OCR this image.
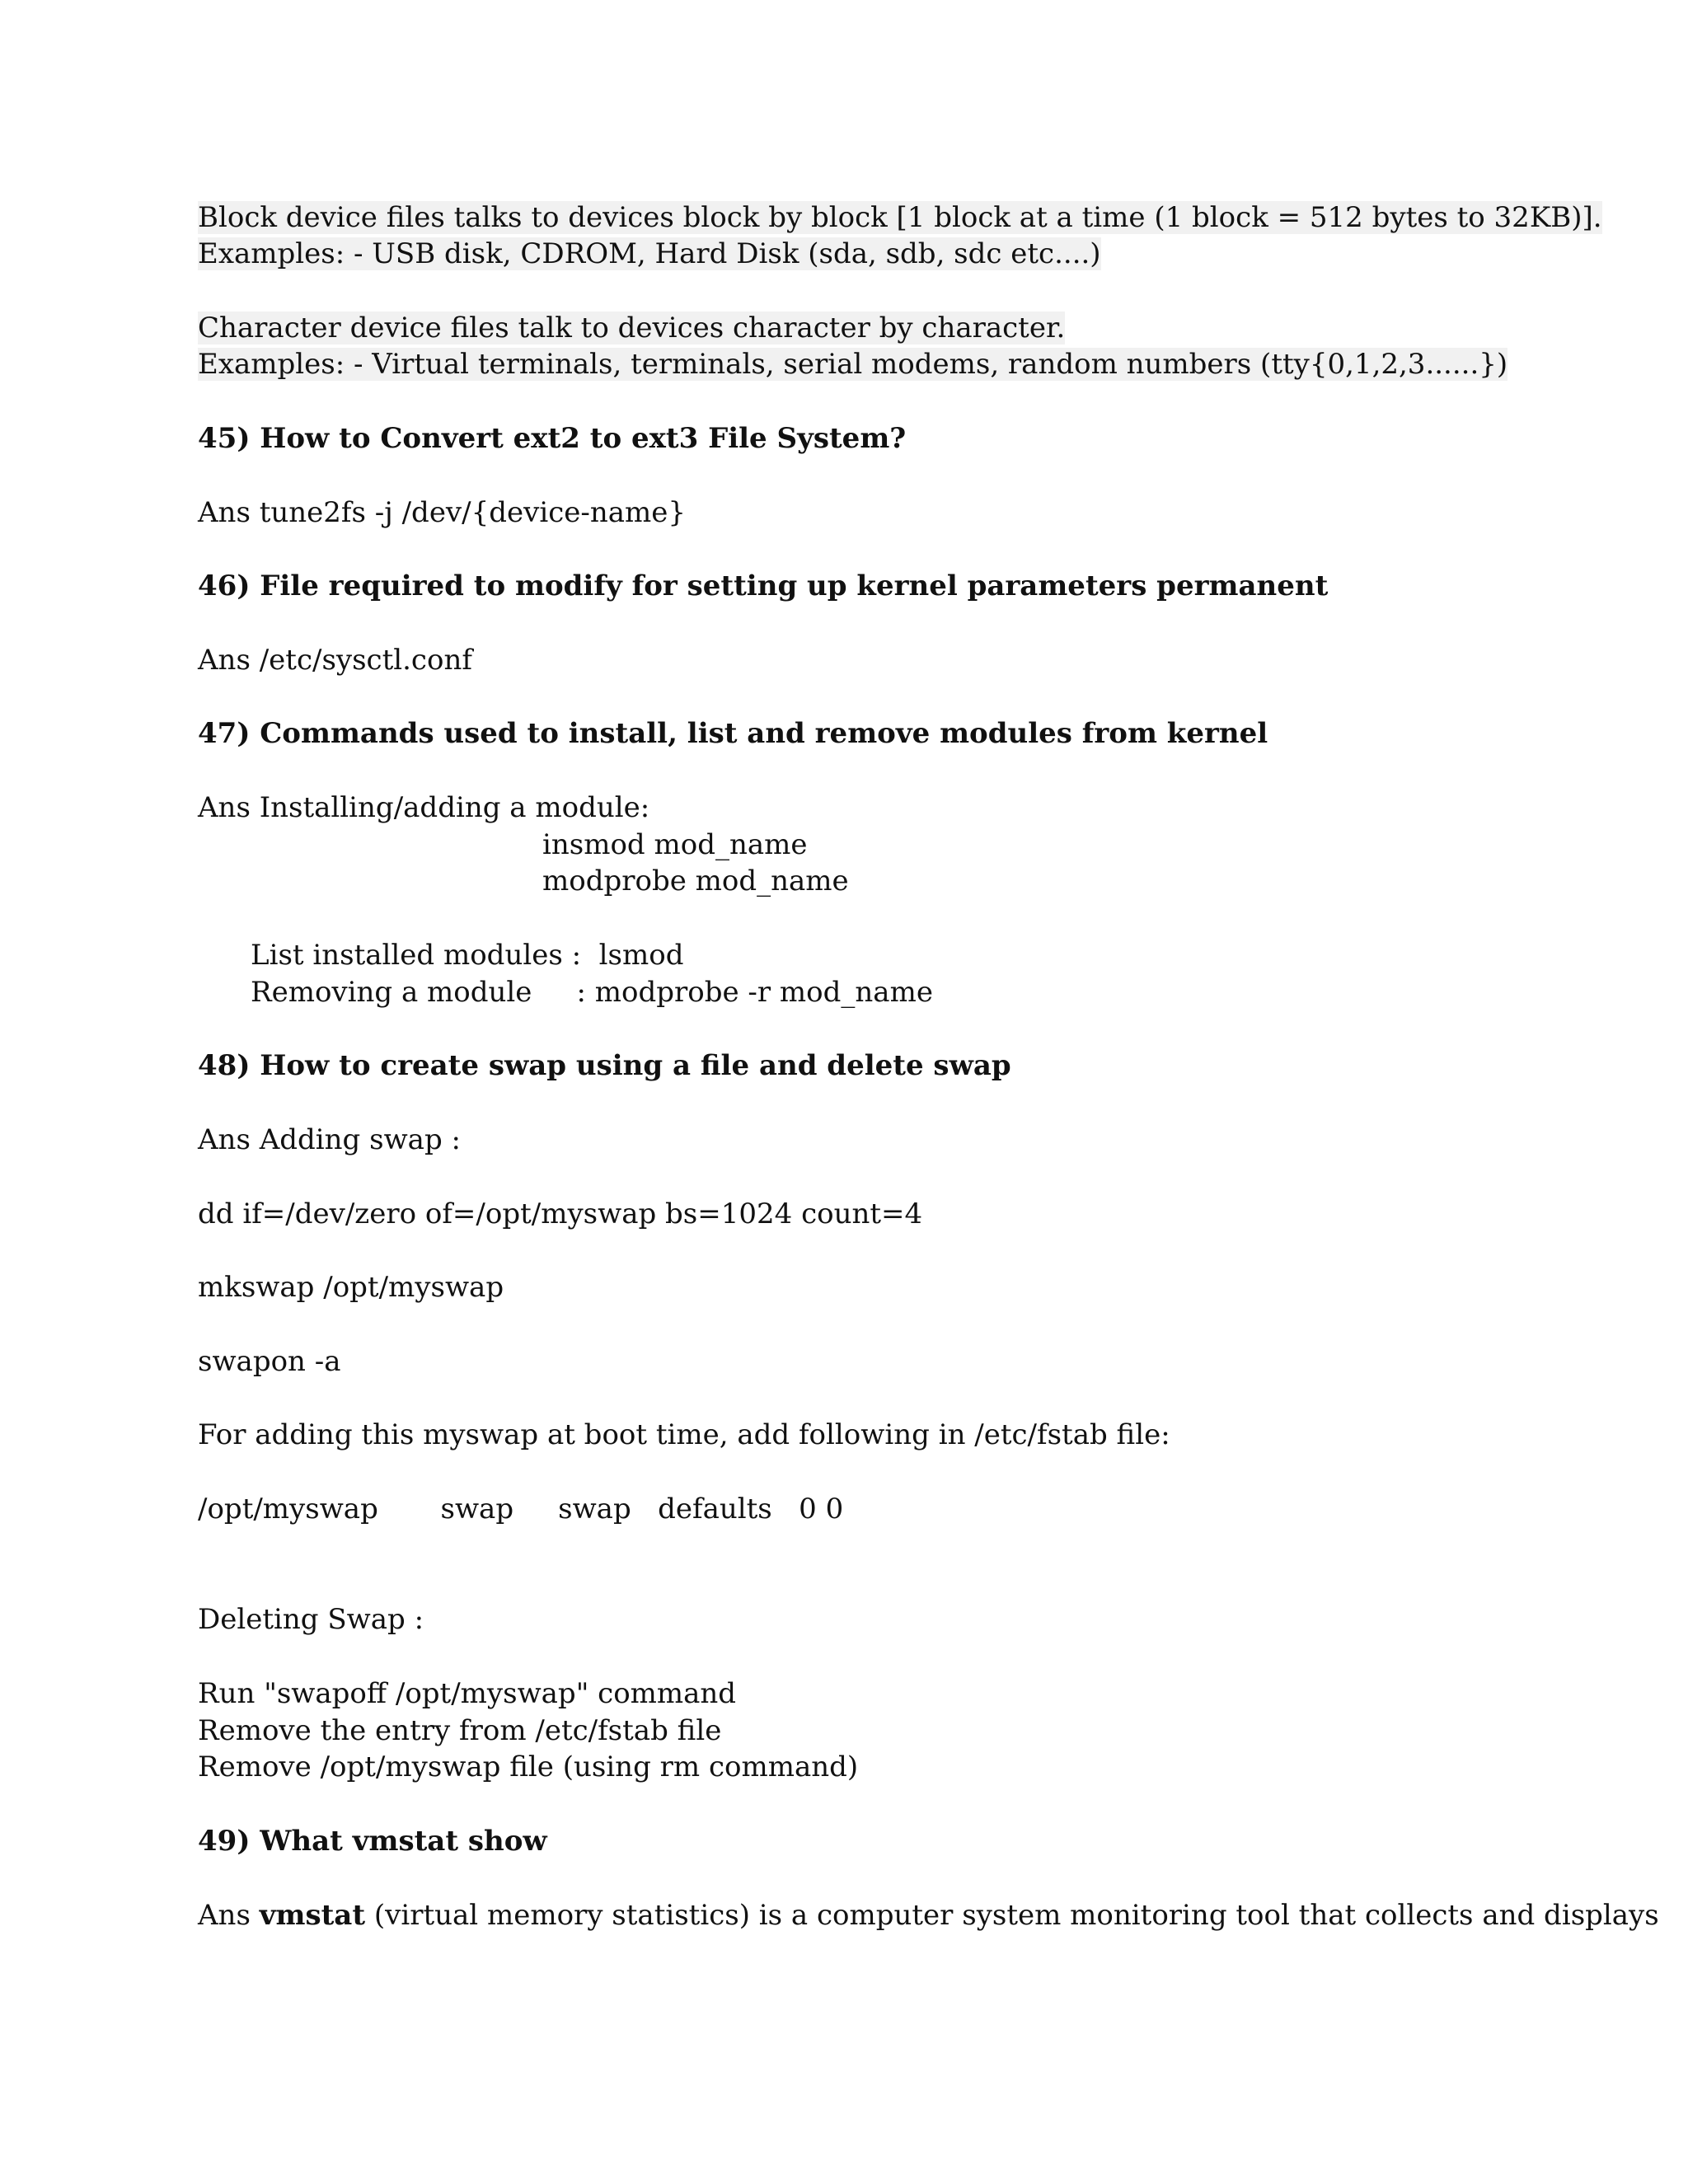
Block device files talks to devices block by block [1 block at a time (1 block = 512 bytes to 32KB)].
Examples: - USB disk, CDROM, Hard Disk (sda, sdb, sdc etc....)
Character device files talk to devices character by character.
Examples: - Virtual terminals, terminals, serial modems, random numbers (tty{0,1,2,3......})
45) How to Convert ext2 to ext3 File System?
Ans tune2fs -j /dev/{device-name}
46) File required to modify for setting up kernel parameters permanent
Ans /etc/sysctl.conf
47) Commands used to install, list and remove modules from kernel
Ans Installing/adding a module:
insmod mod_name
modprobe mod_name
List installed modules :  lsmod
Removing a module     : modprobe -r mod_name
48) How to create swap using a file and delete swap
Ans Adding swap :
dd if=/dev/zero of=/opt/myswap bs=1024 count=4
mkswap /opt/myswap
swapon -a
For adding this myswap at boot time, add following in /etc/fstab file:
/opt/myswap       swap     swap   defaults   0 0
Deleting Swap :
Run "swapoff /opt/myswap" command
Remove the entry from /etc/fstab file
Remove /opt/myswap file (using rm command)
49) What vmstat show
Ans vmstat (virtual memory statistics) is a computer system monitoring tool that collects and displays
